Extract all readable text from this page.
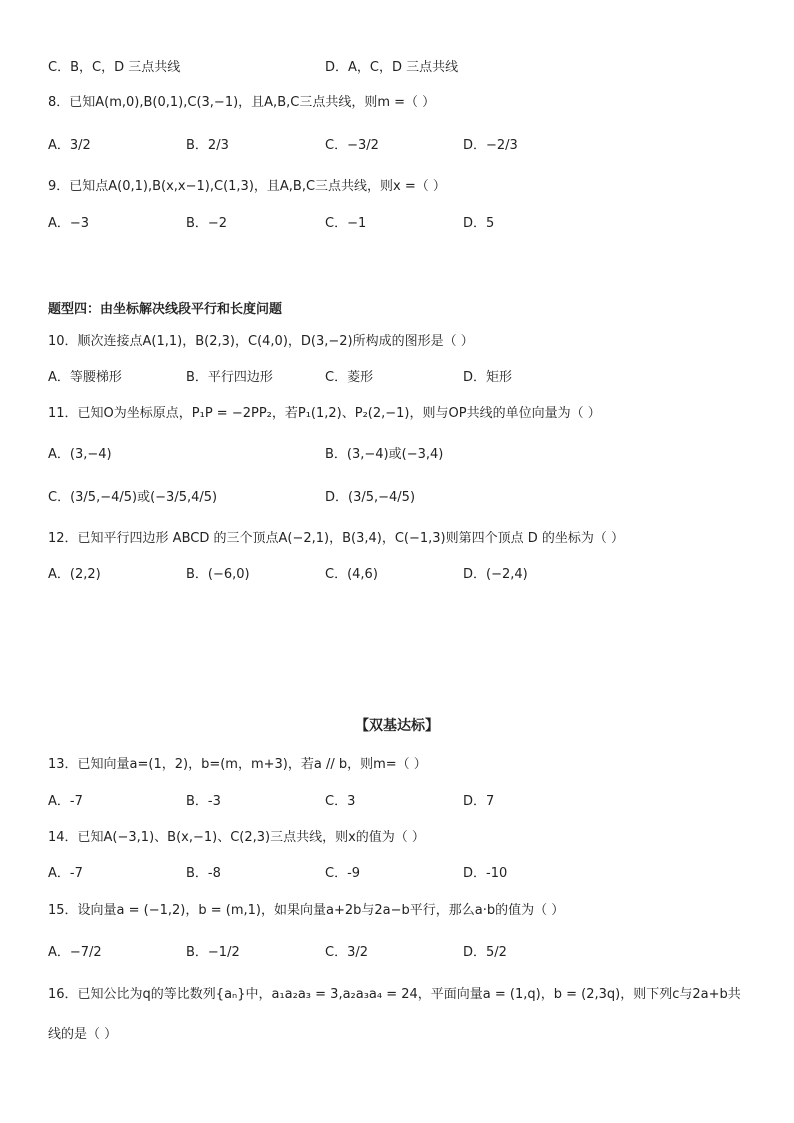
C．B，C，D 三点共线	D．A，C，D 三点共线
8．已知A(m,0),B(0,1),C(3,−1)，且A,B,C三点共线，则m =（ ）
A．3/2	B．2/3	C．−3/2	D．−2/3
9．已知点A(0,1),B(x,x−1),C(1,3)，且A,B,C三点共线，则x =（ ）
A．−3	B．−2	C．−1	D．5
题型四：由坐标解决线段平行和长度问题
10．顺次连接点A(1,1)，B(2,3)，C(4,0)，D(3,−2)所构成的图形是（ ）
A．等腰梯形	B．平行四边形	C．菱形	D．矩形
11．已知O为坐标原点，P₁P = −2PP₂，若P₁(1,2)、P₂(2,−1)，则与OP共线的单位向量为（ ）
A．(3,−4)	B．(3,−4)或(−3,4)
C．(3/5,−4/5)或(−3/5,4/5)	D．(3/5,−4/5)
12．已知平行四边形 ABCD 的三个顶点A(−2,1)，B(3,4)，C(−1,3)则第四个顶点 D 的坐标为（ ）
A．(2,2)	B．(−6,0)	C．(4,6)	D．(−2,4)
【双基达标】
13．已知向量a=(1，2)，b=(m，m+3)，若a // b，则m=（ ）
A．-7	B．-3	C．3	D．7
14．已知A(−3,1)、B(x,−1)、C(2,3)三点共线，则x的值为（ ）
A．-7	B．-8	C．-9	D．-10
15．设向量a = (−1,2)，b = (m,1)，如果向量a+2b与2a−b平行，那么a·b的值为（ ）
A．−7/2	B．−1/2	C．3/2	D．5/2
16．已知公比为q的等比数列{aₙ}中，a₁a₂a₃ = 3,a₂a₃a₄ = 24，平面向量a = (1,q)，b = (2,3q)，则下列c与2a+b共
线的是（ ）
